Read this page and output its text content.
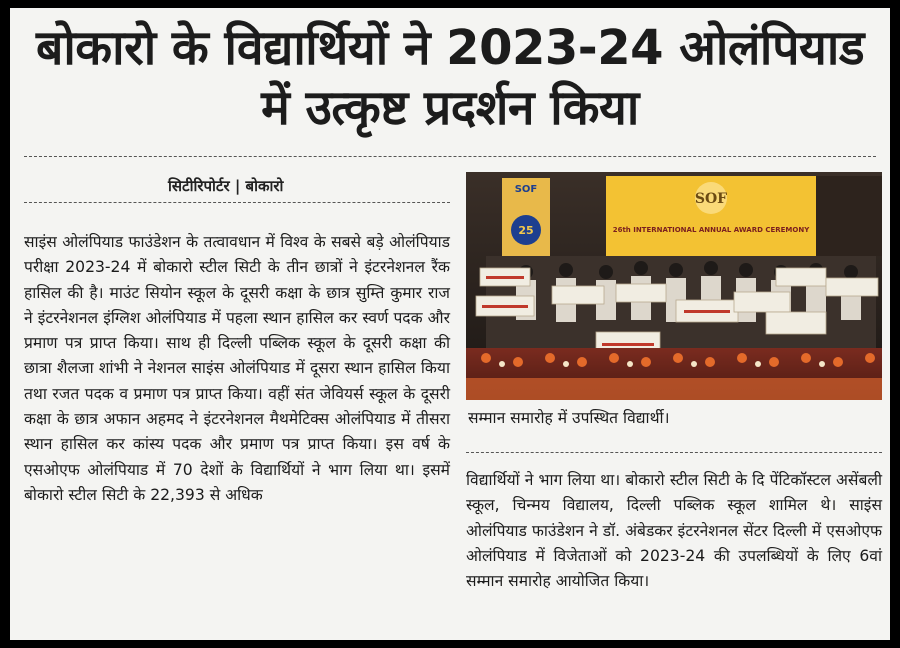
बोकारो के विद्यार्थियों ने 2023-24 ओलंपियाड में उत्कृष्ट प्रदर्शन किया
सिटीरिपोर्टर | बोकारो
साइंस ओलंपियाड फाउंडेशन के तत्वावधान में विश्व के सबसे बड़े ओलंपियाड परीक्षा 2023-24 में बोकारो स्टील सिटी के तीन छात्रों ने इंटरनेशनल रैंक हासिल की है। माउंट सियोन स्कूल के दूसरी कक्षा के छात्र सुम्ति कुमार राज ने इंटरनेशनल इंग्लिश ओलंपियाड में पहला स्थान हासिल कर स्वर्ण पदक और प्रमाण पत्र प्राप्त किया। साथ ही दिल्ली पब्लिक स्कूल के दूसरी कक्षा की छात्रा शैलजा शांभी ने नेशनल साइंस ओलंपियाड में दूसरा स्थान हासिल किया तथा रजत पदक व प्रमाण पत्र प्राप्त किया। वहीं संत जेवियर्स स्कूल के दूसरी कक्षा के छात्र अफान अहमद ने इंटरनेशनल मैथमेटिक्स ओलंपियाड में तीसरा स्थान हासिल कर कांस्य पदक और प्रमाण पत्र प्राप्त किया। इस वर्ष के एसओएफ ओलंपियाड में 70 देशों के विद्यार्थियों ने भाग लिया था। इसमें बोकारो स्टील सिटी के 22,393 से अधिक
SOF
25
SOF
26th INTERNATIONAL ANNUAL AWARD CEREMONY
सम्मान समारोह में उपस्थित विद्यार्थी।
विद्यार्थियों ने भाग लिया था। बोकारो स्टील सिटी के दि पेंटिकॉस्टल असेंबली स्कूल, चिन्मय विद्यालय, दिल्ली पब्लिक स्कूल शामिल थे। साइंस ओलंपियाड फाउंडेशन ने डॉ. अंबेडकर इंटरनेशनल सेंटर दिल्ली में एसओएफ ओलंपियाड में विजेताओं को 2023-24 की उपलब्धियों के लिए 6वां सम्मान समारोह आयोजित किया।
